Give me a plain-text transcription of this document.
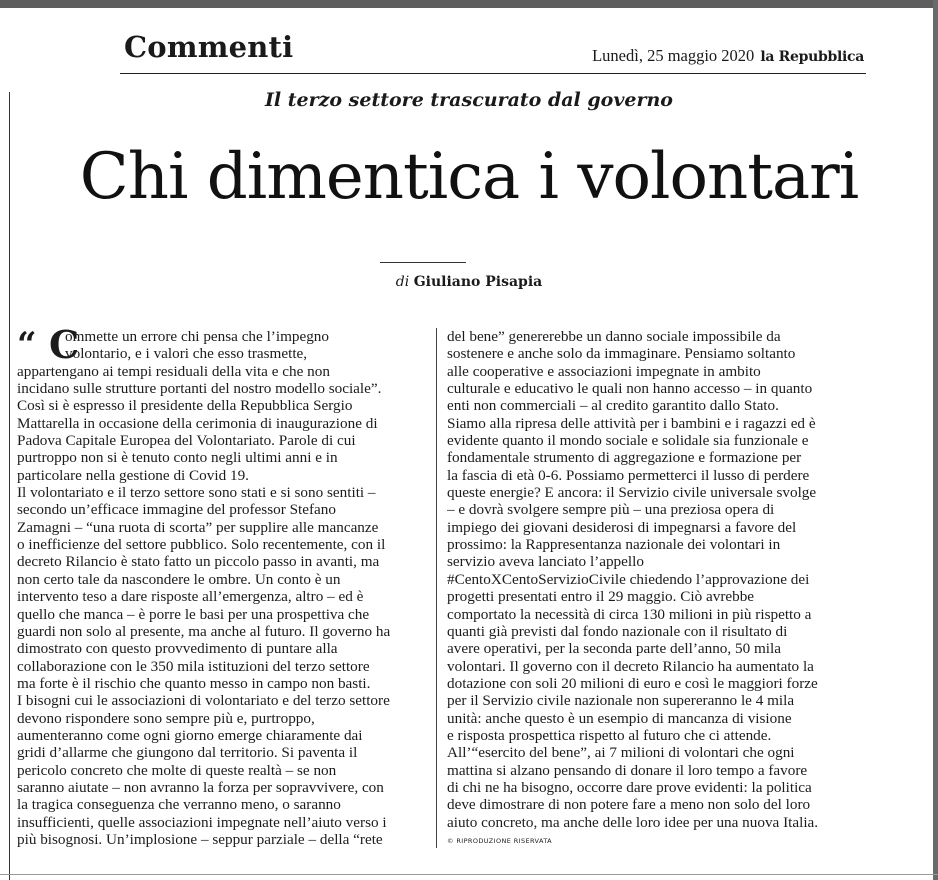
Commenti	Lunedì, 25 maggio 2020 la Repubblica
Il terzo settore trascurato dal governo
Chi dimentica i volontari
di Giuliano Pisapia
“ C
ommette un errore chi pensa che l’impegno
volontario, e i valori che esso trasmette,
appartengano ai tempi residuali della vita e che non
incidano sulle strutture portanti del nostro modello sociale”.
Così si è espresso il presidente della Repubblica Sergio
Mattarella in occasione della cerimonia di inaugurazione di
Padova Capitale Europea del Volontariato. Parole di cui
purtroppo non si è tenuto conto negli ultimi anni e in
particolare nella gestione di Covid 19.
Il volontariato e il terzo settore sono stati e si sono sentiti –
secondo un’efficace immagine del professor Stefano
Zamagni – “una ruota di scorta” per supplire alle mancanze
o inefficienze del settore pubblico. Solo recentemente, con il
decreto Rilancio è stato fatto un piccolo passo in avanti, ma
non certo tale da nascondere le ombre. Un conto è un
intervento teso a dare risposte all’emergenza, altro – ed è
quello che manca – è porre le basi per una prospettiva che
guardi non solo al presente, ma anche al futuro. Il governo ha
dimostrato con questo provvedimento di puntare alla
collaborazione con le 350 mila istituzioni del terzo settore
ma forte è il rischio che quanto messo in campo non basti.
I bisogni cui le associazioni di volontariato e del terzo settore
devono rispondere sono sempre più e, purtroppo,
aumenteranno come ogni giorno emerge chiaramente dai
gridi d’allarme che giungono dal territorio. Si paventa il
pericolo concreto che molte di queste realtà – se non
saranno aiutate – non avranno la forza per sopravvivere, con
la tragica conseguenza che verranno meno, o saranno
insufficienti, quelle associazioni impegnate nell’aiuto verso i
più bisognosi. Un’implosione – seppur parziale – della “rete
del bene” genererebbe un danno sociale impossibile da
sostenere e anche solo da immaginare. Pensiamo soltanto
alle cooperative e associazioni impegnate in ambito
culturale e educativo le quali non hanno accesso – in quanto
enti non commerciali – al credito garantito dallo Stato.
Siamo alla ripresa delle attività per i bambini e i ragazzi ed è
evidente quanto il mondo sociale e solidale sia funzionale e
fondamentale strumento di aggregazione e formazione per
la fascia di età 0-6. Possiamo permetterci il lusso di perdere
queste energie? E ancora: il Servizio civile universale svolge
– e dovrà svolgere sempre più – una preziosa opera di
impiego dei giovani desiderosi di impegnarsi a favore del
prossimo: la Rappresentanza nazionale dei volontari in
servizio aveva lanciato l’appello
#CentoXCentoServizioCivile chiedendo l’approvazione dei
progetti presentati entro il 29 maggio. Ciò avrebbe
comportato la necessità di circa 130 milioni in più rispetto a
quanti già previsti dal fondo nazionale con il risultato di
avere operativi, per la seconda parte dell’anno, 50 mila
volontari. Il governo con il decreto Rilancio ha aumentato la
dotazione con soli 20 milioni di euro e così le maggiori forze
per il Servizio civile nazionale non supereranno le 4 mila
unità: anche questo è un esempio di mancanza di visione
e risposta prospettica rispetto al futuro che ci attende.
All’“esercito del bene”, ai 7 milioni di volontari che ogni
mattina si alzano pensando di donare il loro tempo a favore
di chi ne ha bisogno, occorre dare prove evidenti: la politica
deve dimostrare di non potere fare a meno non solo del loro
aiuto concreto, ma anche delle loro idee per una nuova Italia.
© RIPRODUZIONE RISERVATA
